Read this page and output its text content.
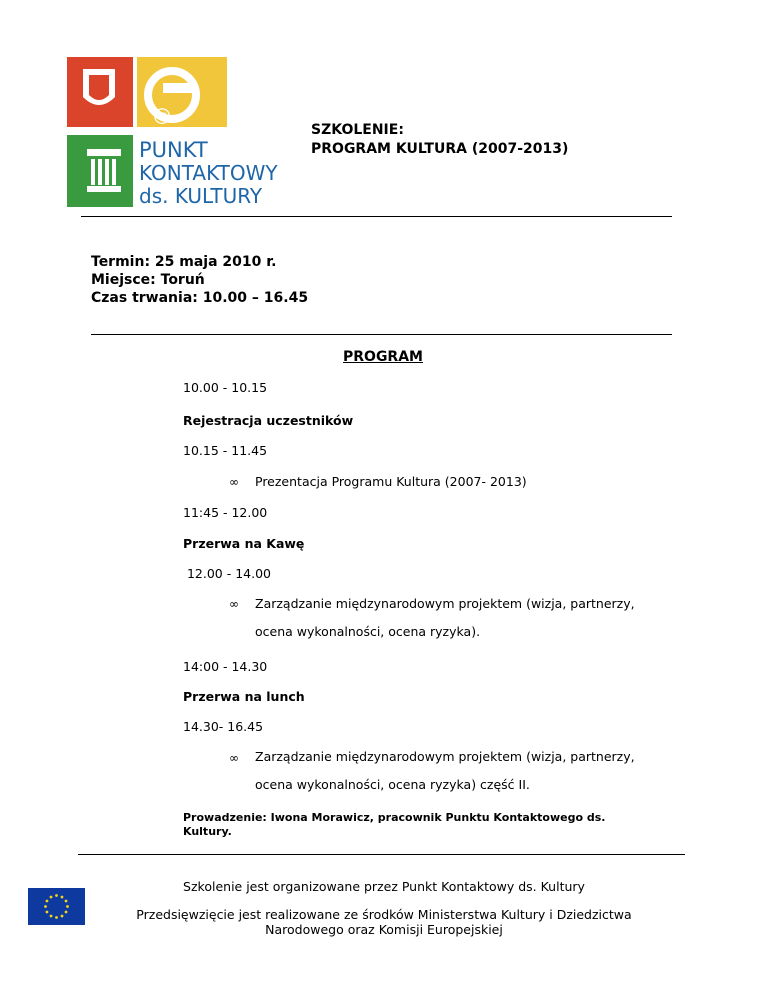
@
PUNKT
KONTAKTOWY
ds. KULTURY
SZKOLENIE:
PROGRAM KULTURA (2007-2013)
Termin: 25 maja 2010 r.
Miejsce: Toruń
Czas trwania: 10.00 – 16.45
PROGRAM
10.00 - 10.15
Rejestracja uczestników
10.15 - 11.45
∞ Prezentacja Programu Kultura (2007- 2013)
11:45 - 12.00
Przerwa na Kawę
12.00 - 14.00
∞ Zarządzanie międzynarodowym projektem (wizja, partnerzy,
ocena wykonalności, ocena ryzyka).
14:00 - 14.30
Przerwa na lunch
14.30- 16.45
∞ Zarządzanie międzynarodowym projektem (wizja, partnerzy,
ocena wykonalności, ocena ryzyka) część II.
Prowadzenie: Iwona Morawicz, pracownik Punktu Kontaktowego ds. Kultury.
Szkolenie jest organizowane przez Punkt Kontaktowy ds. Kultury
Przedsięwzięcie jest realizowane ze środków Ministerstwa Kultury i Dziedzictwa Narodowego oraz Komisji Europejskiej
